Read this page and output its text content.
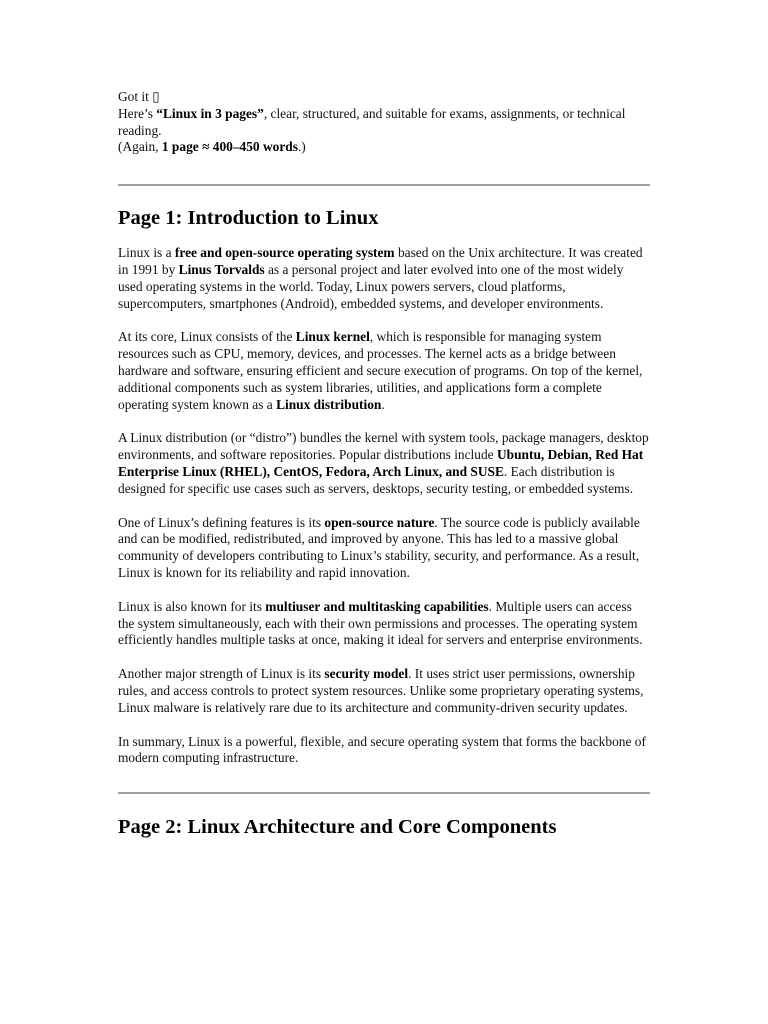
Got it ▯

Here’s “Linux in 3 pages”, clear, structured, and suitable for exams, assignments, or technical reading.

(Again, 1 page ≈ 400–450 words.)

Page 1: Introduction to Linux

Linux is a free and open-source operating system based on the Unix architecture. It was created in 1991 by Linus Torvalds as a personal project and later evolved into one of the most widely used operating systems in the world. Today, Linux powers servers, cloud platforms, supercomputers, smartphones (Android), embedded systems, and developer environments.

At its core, Linux consists of the Linux kernel, which is responsible for managing system resources such as CPU, memory, devices, and processes. The kernel acts as a bridge between hardware and software, ensuring efficient and secure execution of programs. On top of the kernel, additional components such as system libraries, utilities, and applications form a complete operating system known as a Linux distribution.

A Linux distribution (or “distro”) bundles the kernel with system tools, package managers, desktop environments, and software repositories. Popular distributions include Ubuntu, Debian, Red Hat Enterprise Linux (RHEL), CentOS, Fedora, Arch Linux, and SUSE. Each distribution is designed for specific use cases such as servers, desktops, security testing, or embedded systems.

One of Linux’s defining features is its open-source nature. The source code is publicly available and can be modified, redistributed, and improved by anyone. This has led to a massive global community of developers contributing to Linux’s stability, security, and performance. As a result, Linux is known for its reliability and rapid innovation.

Linux is also known for its multiuser and multitasking capabilities. Multiple users can access the system simultaneously, each with their own permissions and processes. The operating system efficiently handles multiple tasks at once, making it ideal for servers and enterprise environments.

Another major strength of Linux is its security model. It uses strict user permissions, ownership rules, and access controls to protect system resources. Unlike some proprietary operating systems, Linux malware is relatively rare due to its architecture and community-driven security updates.

In summary, Linux is a powerful, flexible, and secure operating system that forms the backbone of modern computing infrastructure.

Page 2: Linux Architecture and Core Components
